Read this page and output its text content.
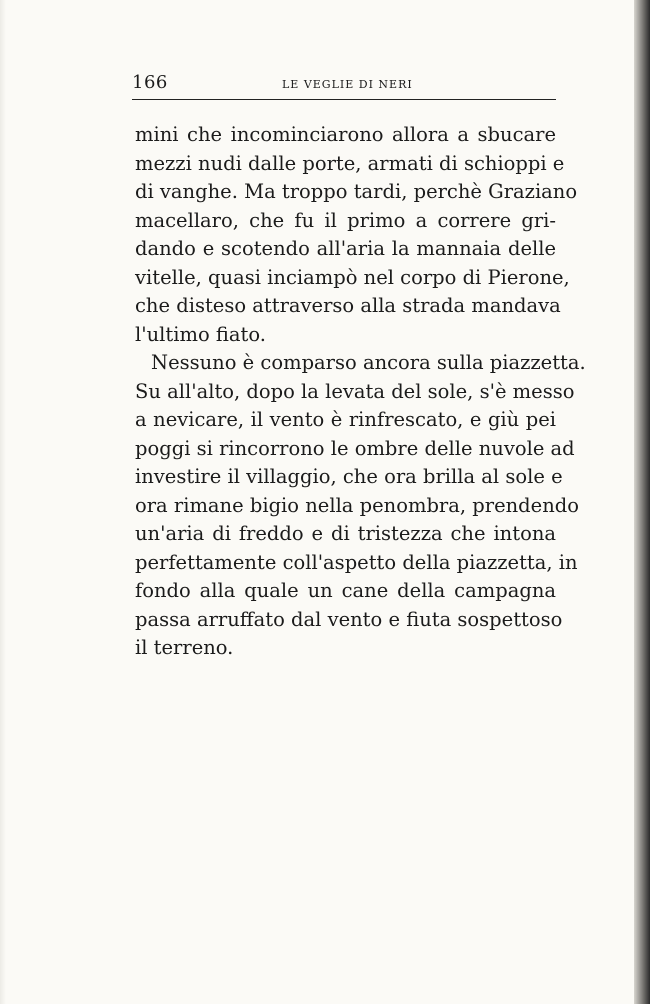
166	LE VEGLIE DI NERI
mini che incominciarono allora a sbucare
mezzi nudi dalle porte, armati di schioppi e
di vanghe. Ma troppo tardi, perchè Graziano
macellaro, che fu il primo a correre gri-
dando e scotendo all'aria la mannaia delle
vitelle, quasi inciampò nel corpo di Pierone,
che disteso attraverso alla strada mandava
l'ultimo fiato.
Nessuno è comparso ancora sulla piazzetta.
Su all'alto, dopo la levata del sole, s'è messo
a nevicare, il vento è rinfrescato, e giù pei
poggi si rincorrono le ombre delle nuvole ad
investire il villaggio, che ora brilla al sole e
ora rimane bigio nella penombra, prendendo
un'aria di freddo e di tristezza che intona
perfettamente coll'aspetto della piazzetta, in
fondo alla quale un cane della campagna
passa arruffato dal vento e fiuta sospettoso
il terreno.
